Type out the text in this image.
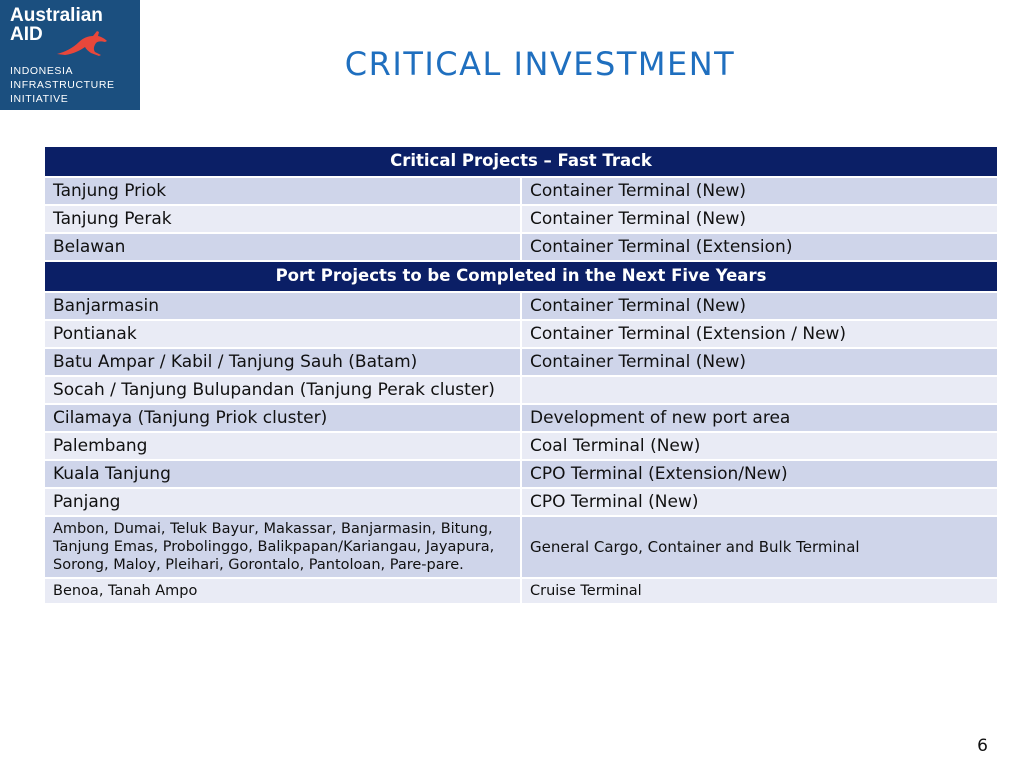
Australian
AID
INDONESIA
INFRASTRUCTURE
INITIATIVE
CRITICAL INVESTMENT
Critical Projects – Fast Track	
Tanjung Priok	Container Terminal (New)
Tanjung Perak	Container Terminal (New)
Belawan	Container Terminal (Extension)
Port Projects to be Completed in the Next Five Years	
Banjarmasin	Container Terminal (New)
Pontianak	Container Terminal (Extension / New)
Batu Ampar / Kabil / Tanjung Sauh (Batam)	Container Terminal (New)
Socah / Tanjung Bulupandan (Tanjung Perak cluster)	
Cilamaya (Tanjung Priok cluster)	Development of new port area
Palembang	Coal Terminal (New)
Kuala Tanjung	CPO Terminal (Extension/New)
Panjang	CPO Terminal (New)
Ambon, Dumai, Teluk Bayur, Makassar, Banjarmasin, Bitung, Tanjung Emas, Probolinggo, Balikpapan/Kariangau, Jayapura, Sorong, Maloy, Pleihari, Gorontalo, Pantoloan, Pare-pare.	General Cargo, Container and Bulk Terminal
Benoa, Tanah Ampo	Cruise Terminal
6
